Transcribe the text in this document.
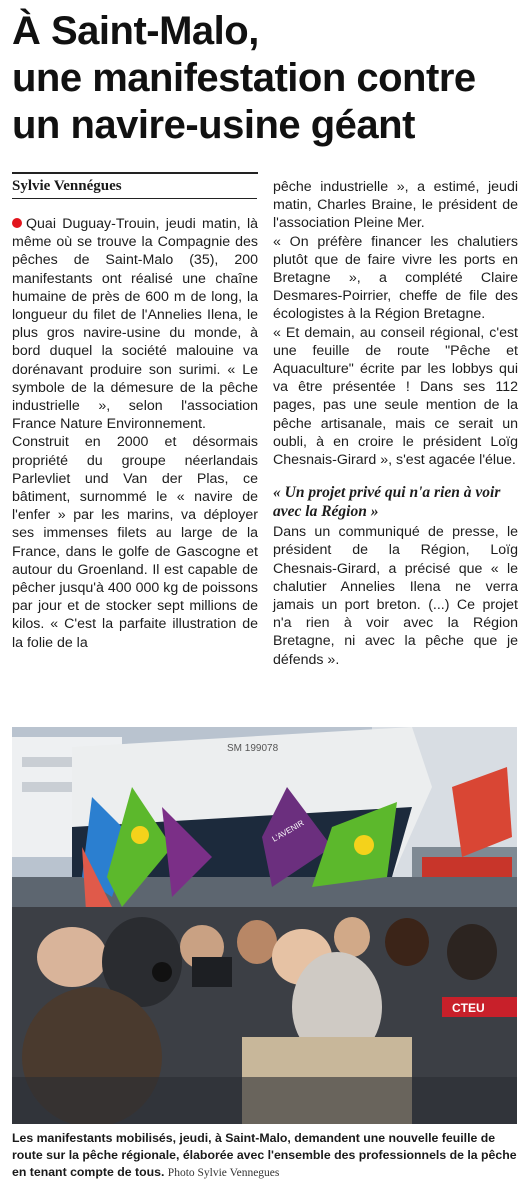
À Saint-Malo,
une manifestation contre
un navire-usine géant
Sylvie Vennégues

Quai Duguay-Trouin, jeudi matin, là même où se trouve la Compagnie des pêches de Saint-Malo (35), 200 manifestants ont réalisé une chaîne humaine de près de 600 m de long, la longueur du filet de l'Annelies Ilena, le plus gros navire-usine du monde, à bord duquel la société malouine va dorénavant produire son surimi. « Le symbole de la démesure de la pêche industrielle », selon l'association France Nature Environnement.

Construit en 2000 et désormais propriété du groupe néerlandais Parlevliet und Van der Plas, ce bâtiment, surnommé le « navire de l'enfer » par les marins, va déployer ses immenses filets au large de la France, dans le golfe de Gascogne et autour du Groenland. Il est capable de pêcher jusqu'à 400 000 kg de poissons par jour et de stocker sept millions de kilos. « C'est la parfaite illustration de la folie de la

pêche industrielle », a estimé, jeudi matin, Charles Braine, le président de l'association Pleine Mer.

« On préfère financer les chalutiers plutôt que de faire vivre les ports en Bretagne », a complété Claire Desmares-Poirrier, cheffe de file des écologistes à la Région Bretagne.

« Et demain, au conseil régional, c'est une feuille de route "Pêche et Aquaculture" écrite par les lobbys qui va être présentée ! Dans ses 112 pages, pas une seule mention de la pêche artisanale, mais ce serait un oubli, à en croire le président Loïg Chesnais-Girard », s'est agacée l'élue.

« Un projet privé qui n'a rien à voir avec la Région »

Dans un communiqué de presse, le président de la Région, Loïg Chesnais-Girard, a précisé que « le chalutier Annelies Ilena ne verra jamais un port breton. (...) Ce projet n'a rien à voir avec la Région Bretagne, ni avec la pêche que je défends ».

SM 199078
L'AVENIR
CTEU
Les manifestants mobilisés, jeudi, à Saint-Malo, demandent une nouvelle feuille de route sur la pêche régionale, élaborée avec l'ensemble des professionnels de la pêche en tenant compte de tous. Photo Sylvie Vennegues
